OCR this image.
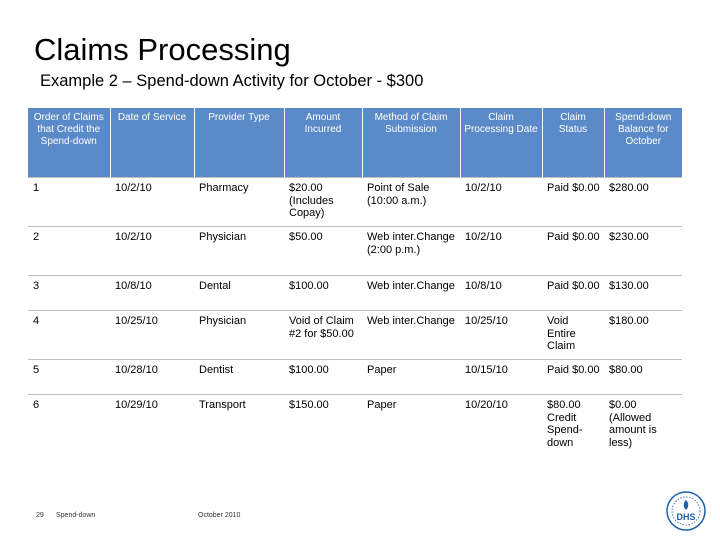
Claims Processing
Example 2 – Spend-down Activity for October - $300
Order of Claims that Credit the Spend-down	Date of Service	Provider Type	Amount Incurred	Method of Claim Submission	Claim Processing Date	Claim Status	Spend-down Balance for October
1	10/2/10	Pharmacy	$20.00 (Includes Copay)	Point of Sale (10:00 a.m.)	10/2/10	Paid $0.00	$280.00
2	10/2/10	Physician	$50.00	Web inter.Change (2:00 p.m.)	10/2/10	Paid $0.00	$230.00
3	10/8/10	Dental	$100.00	Web inter.Change	10/8/10	Paid $0.00	$130.00
4	10/25/10	Physician	Void of Claim #2 for $50.00	Web inter.Change	10/25/10	Void Entire Claim	$180.00
5	10/28/10	Dentist	$100.00	Paper	10/15/10	Paid $0.00	$80.00
6	10/29/10	Transport	$150.00	Paper	10/20/10	$80.00 Credit Spend-down	$0.00 (Allowed amount is less)
29 Spend-down	October 2010	DHS
